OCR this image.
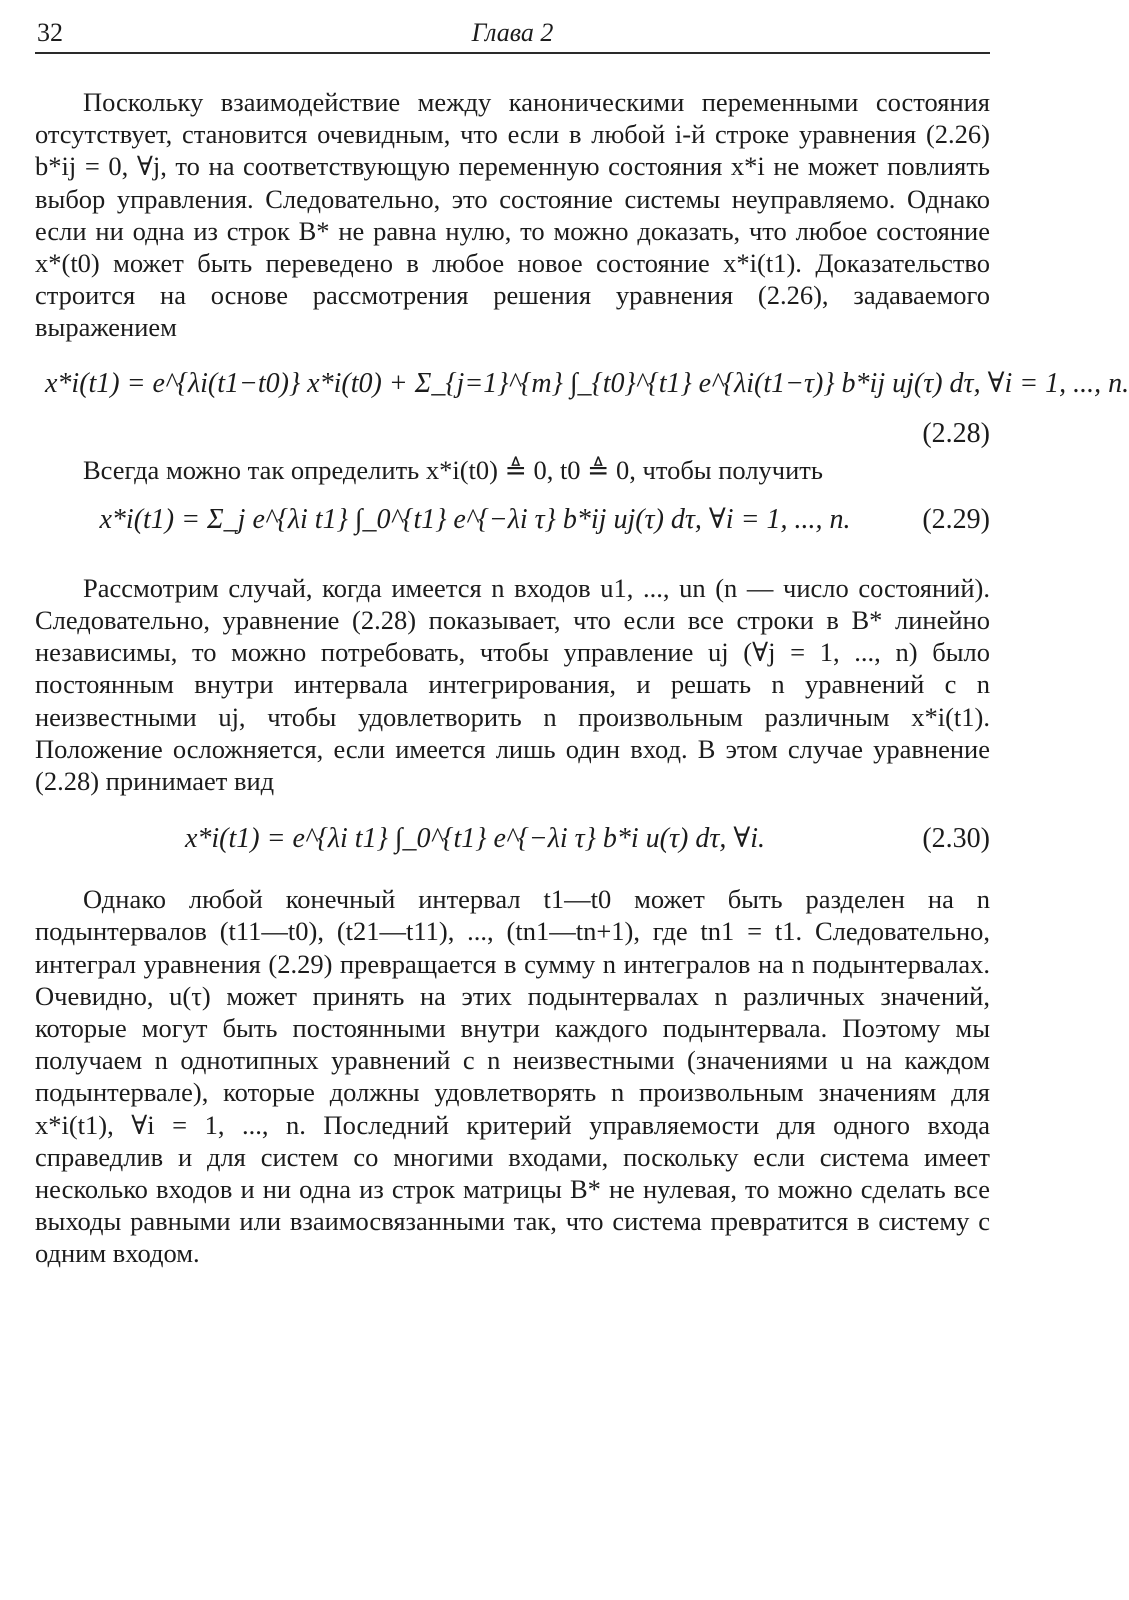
32	Глава 2

Поскольку взаимодействие между каноническими переменными состояния отсутствует, становится очевидным, что если в любой i-й строке уравнения (2.26) b*ij = 0, ∀j, то на соответствующую переменную состояния x*i не может повлиять выбор управления. Следовательно, это состояние системы неуправляемо. Однако если ни одна из строк B* не равна нулю, то можно доказать, что любое состояние x*(t0) может быть переведено в любое новое состояние x*i(t1). Доказательство строится на основе рассмотрения решения уравнения (2.26), задаваемого выражением

x*i(t1) = e^{λi(t1−t0)} x*i(t0) + Σ_{j=1}^{m} ∫_{t0}^{t1} e^{λi(t1−τ)} b*ij uj(τ) dτ, ∀i = 1, ..., n.
(2.28)

Всегда можно так определить x*i(t0) ≜ 0, t0 ≜ 0, чтобы получить

x*i(t1) = Σ_j e^{λi t1} ∫_0^{t1} e^{−λi τ} b*ij uj(τ) dτ, ∀i = 1, ..., n.	(2.29)

Рассмотрим случай, когда имеется n входов u1, ..., un (n — число состояний). Следовательно, уравнение (2.28) показывает, что если все строки в B* линейно независимы, то можно потребовать, чтобы управление uj (∀j = 1, ..., n) было постоянным внутри интервала интегрирования, и решать n уравнений с n неизвестными uj, чтобы удовлетворить n произвольным различным x*i(t1). Положение осложняется, если имеется лишь один вход. В этом случае уравнение (2.28) принимает вид

x*i(t1) = e^{λi t1} ∫_0^{t1} e^{−λi τ} b*i u(τ) dτ, ∀i.	(2.30)

Однако любой конечный интервал t1—t0 может быть разделен на n подынтервалов (t11—t0), (t21—t11), ..., (tn1—tn+1), где tn1 = t1. Следовательно, интеграл уравнения (2.29) превращается в сумму n интегралов на n подынтервалах. Очевидно, u(τ) может принять на этих подынтервалах n различных значений, которые могут быть постоянными внутри каждого подынтервала. Поэтому мы получаем n однотипных уравнений с n неизвестными (значениями u на каждом подынтервале), которые должны удовлетворять n произвольным значениям для x*i(t1), ∀i = 1, ..., n. Последний критерий управляемости для одного входа справедлив и для систем со многими входами, поскольку если система имеет несколько входов и ни одна из строк матрицы B* не нулевая, то можно сделать все выходы равными или взаимосвязанными так, что система превратится в систему с одним входом.
